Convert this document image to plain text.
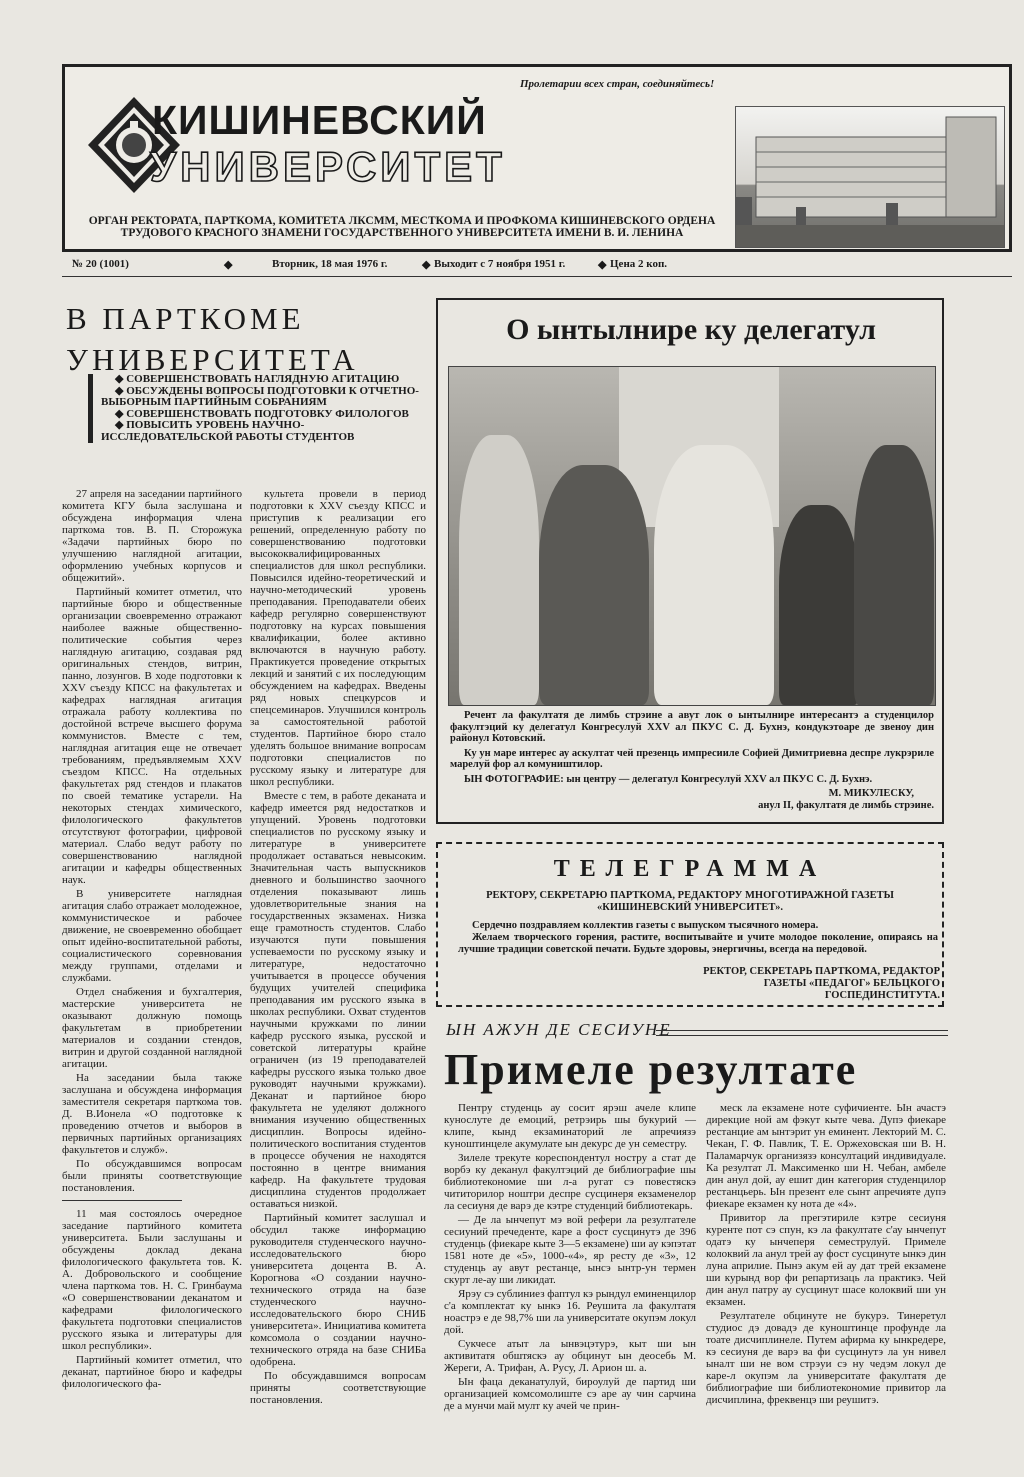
Пролетарии всех стран, соединяйтесь!
КИШИНЕВСКИЙ
УНИВЕРСИТЕТ
ОРГАН РЕКТОРАТА, ПАРТКОМА, КОМИТЕТА ЛКСММ, МЕСТКОМА И ПРОФКОМА КИШИНЕВСКОГО ОРДЕНА ТРУДОВОГО КРАСНОГО ЗНАМЕНИ ГОСУДАРСТВЕННОГО УНИВЕРСИТЕТА ИМЕНИ В. И. ЛЕНИНА
№ 20 (1001)	◆	Вторник, 18 мая 1976 г.	◆ Выходит с 7 ноября 1951 г.	◆ Цена 2 коп.
В ПАРТКОМЕ
УНИВЕРСИТЕТА
◆ СОВЕРШЕНСТВОВАТЬ НАГЛЯДНУЮ АГИТАЦИЮ
◆ ОБСУЖДЕНЫ ВОПРОСЫ ПОДГОТОВКИ К ОТЧЕТНО-ВЫБОРНЫМ ПАРТИЙНЫМ СОБРАНИЯМ
◆ СОВЕРШЕНСТВОВАТЬ ПОДГОТОВКУ ФИЛОЛОГОВ
◆ ПОВЫСИТЬ УРОВЕНЬ НАУЧНО-ИССЛЕДОВАТЕЛЬСКОЙ РАБОТЫ СТУДЕНТОВ

27 апреля на заседании партийного комитета КГУ была заслушана и обсуждена информация члена парткома тов. В. П. Сторожука «Задачи партийных бюро по улучшению наглядной агитации, оформлению учебных корпусов и общежитий».

Партийный комитет отметил, что партийные бюро и общественные организации своевременно отражают наиболее важные общественно-политические события через наглядную агитацию, создавая ряд оригинальных стендов, витрин, панно, лозунгов. В ходе подготовки к XXV съезду КПСС на факультетах и кафедрах наглядная агитация отражала работу коллектива по достойной встрече высшего форума коммунистов. Вместе с тем, наглядная агитация еще не отвечает требованиям, предъявляемым XXV съездом КПСС. На отдельных факультетах ряд стендов и плакатов по своей тематике устарели. На некоторых стендах химического, филологического факультетов отсутствуют фотографии, цифровой материал. Слабо ведут работу по совершенствованию наглядной агитации и кафедры общественных наук.

В университете наглядная агитация слабо отражает молодежное, коммунистическое и рабочее движение, не своевременно обобщает опыт идейно-воспитательной работы, социалистического соревнования между группами, отделами и службами.

Отдел снабжения и бухгалтерия, мастерские университета не оказывают должную помощь факультетам в приобретении материалов и создании стендов, витрин и другой созданной наглядной агитации.

На заседании была также заслушана и обсуждена информация заместителя секретаря парткома тов. Д. В.Ионела «О подготовке к проведению отчетов и выборов в первичных партийных организациях факультетов и служб».

По обсуждавшимся вопросам были приняты соответствующие постановления.

11 мая состоялось очередное заседание партийного комитета университета. Были заслушаны и обсуждены доклад декана филологического факультета тов. К. А. Добровольского и сообщение члена парткома тов. Н. С. Гринбаума «О совершенствовании деканатом и кафедрами филологического факультета подготовки специалистов русского языка и литературы для школ республики».

Партийный комитет отметил, что деканат, партийное бюро и кафедры филологического фа-

культета провели в период подготовки к XXV съезду КПСС и приступив к реализации его решений, определенную работу по совершенствованию подготовки высококвалифицированных специалистов для школ республики. Повысился идейно-теоретический и научно-методический уровень преподавания. Преподаватели обеих кафедр регулярно совершенствуют подготовку на курсах повышения квалификации, более активно включаются в научную работу. Практикуется проведение открытых лекций и занятий с их последующим обсуждением на кафедрах. Введены ряд новых спецкурсов и спецсеминаров. Улучшился контроль за самостоятельной работой студентов. Партийное бюро стало уделять большое внимание вопросам подготовки специалистов по русскому языку и литературе для школ республики.

Вместе с тем, в работе деканата и кафедр имеется ряд недостатков и упущений. Уровень подготовки специалистов по русскому языку и литературе в университете продолжает оставаться невысоким. Значительная часть выпускников дневного и большинство заочного отделения показывают лишь удовлетворительные знания на государственных экзаменах. Низка еще грамотность студентов. Слабо изучаются пути повышения успеваемости по русскому языку и литературе, недостаточно учитывается в процессе обучения будущих учителей специфика преподавания им русского языка в школах республики. Охват студентов научными кружками по линии кафедр русского языка, русской и советской литературы крайне ограничен (из 19 преподавателей кафедры русского языка только двое руководят научными кружками). Деканат и партийное бюро факультета не уделяют должного внимания изучению общественных дисциплин. Вопросы идейно-политического воспитания студентов в процессе обучения не находятся постоянно в центре внимания кафедр. На факультете трудовая дисциплина студентов продолжает оставаться низкой.

Партийный комитет заслушал и обсудил также информацию руководителя студенческого научно-исследовательского бюро университета доцента В. А. Корогнова «О создании научно-технического отряда на базе студенческого научно-исследовательского бюро СНИБ университета». Инициатива комитета комсомола о создании научно-технического отряда на базе СНИБа одобрена.

По обсуждавшимся вопросам приняты соответствующие постановления.

О ынтылнире ку делегатул

Речент ла факултатя де лимбь стрэине а авут лок о ынтылнире интересантэ а студенцилор факултэций ку делегатул Конгресулуй XXV ал ПКУС С. Д. Бухнэ, кондукэтоаре де звеноу дин районул Котовский.

Ку ун маре интерес ау аскултат чей презенць импресииле Софией Димитриевна деспре лукрэриле марелуй фор ал комуништилор.

ЫН ФОТОГРАФИЕ: ын центру — делегатул Конгресулуй XXV ал ПКУС С. Д. Бухнэ.

М. МИКУЛЕСКУ,
анул II, факултатя де лимбь стрэине.
ТЕЛЕГРАММА
РЕКТОРУ, СЕКРЕТАРЮ ПАРТКОМА, РЕДАКТОРУ МНОГОТИРАЖНОЙ ГАЗЕТЫ «КИШИНЕВСКИЙ УНИВЕРСИТЕТ».

Сердечно поздравляем коллектив газеты с выпуском тысячного номера.

Желаем творческого горения, растите, воспитывайте и учите молодое поколение, опираясь на лучшие традиции советской печати. Будьте здоровы, энергичны, всегда на передовой.

РЕКТОР, СЕКРЕТАРЬ ПАРТКОМА, РЕДАКТОР ГАЗЕТЫ «ПЕДАГОГ» БЕЛЬЦКОГО ГОСПЕДИНСТИТУТА.
ЫН АЖУН ДЕ СЕСИУНЕ
Примеле резултате

Пентру студенць ау сосит ярэш ачеле клипе кунослуте де емоций, ретрэирь шы букурий — клипе, кынд екзаминаторий ле апречиязэ куноштинцеле акумулате ын декурс де ун семестру.

Зилеле трекуте кореспондентул ностру а стат де ворбэ ку деканул факултэций де библиографие шы библиотекономие ши л-а ругат сэ повестяскэ чититорилор ноштри деспре сусцинеря екзаменелор ла сесиуня де варэ де кэтре студенций библиотекарь.

— Де ла ынчепут мэ вой рефери ла резултателе сесиуний пречеденте, каре а фост сусцинутэ де 396 студенць (фиекаре кыте 3—5 екзамене) ши ау кэпэтат 1581 ноте де «5», 1000-«4», яр ресту де «3», 12 студенць ау авут рестанце, ынсэ ынтр-ун термен скурт ле-ау ши ликидат.

Ярэу сэ сублиниез фаптул кэ рындул еминенцилор с'а комплектат ку ынкэ 16. Реушита ла факултатя ноастрэ е де 98,7% ши ла университате окупэм локул дой.

Сукчесе атыт ла ынвэцэтурэ, кыт ши ын активитатя обштяскэ ау обцинут ын деосебь М. Жереги, А. Трифан, А. Русу, Л. Арион ш. а.

Ын фаца деканатулуй, бироулуй де партид ши организацией комсомолиште сэ аре ау чин сарчина де а мунчи май мулт ку ачей че прин-

меск ла екзамене ноте суфичиенте. Ын ачастэ дирекцие ной ам фэкут кыте чева. Дупэ фиекаре рестанцие ам ынтэрит ун еминент. Лекторий М. С. Чекан, Г. Ф. Павлик, Т. Е. Оржеховская ши В. Н. Паламарчук организязэ консултаций индивидуале. Ка резултат Л. Максименко ши Н. Чебан, амбеле дин анул дой, ау ешит дин категория студенцилор рестанцьерь. Ын презент еле сынт апречияте дупэ фиекаре екзамен ку нота де «4».

Привитор ла прегэтириле кэтре сесиуня куренте пот сэ спун, кэ ла факултате с'ау ынчепут одатэ ку ынчеперя семеструлуй. Примеле колоквий ла анул трей ау фост сусцинуте ынкэ дин луна априлие. Пынэ акум ей ау дат трей екзамене ши курынд вор фи репартизаць ла практикэ. Чей дин анул патру ау сусцинут шасе колоквий ши ун екзамен.

Резултателе обцинуте не букурэ. Тинеретул студиос дэ довадэ де куноштинце профунде ла тоате дисчиплинеле. Путем афирма ку ынкредере, кэ сесиуня де варэ ва фи сусцинутэ ла ун нивел ыналт ши не вом стрэуи сэ ну чедэм локул де каре-л окупэм ла университате факултатя де библиографие ши библиотекономие привитор ла дисчиплина, фреквенцэ ши реушитэ.
